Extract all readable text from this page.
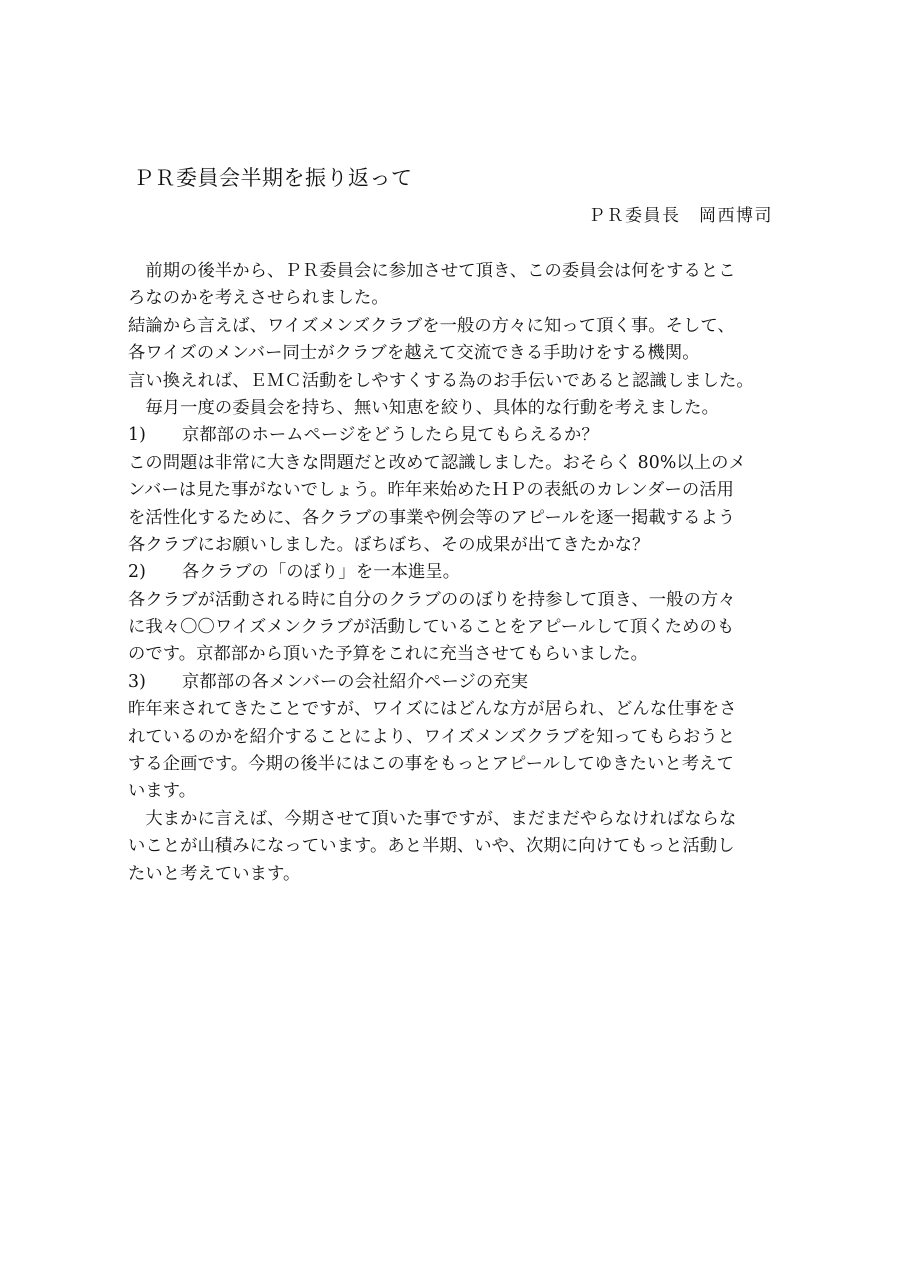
ＰＲ委員会半期を振り返って
ＰＲ委員長　岡西博司
　前期の後半から、ＰＲ委員会に参加させて頂き、この委員会は何をするとこ
ろなのかを考えさせられました。
結論から言えば、ワイズメンズクラブを一般の方々に知って頂く事。そして、
各ワイズのメンバー同士がクラブを越えて交流できる手助けをする機関。
言い換えれば、ＥＭＣ活動をしやすくする為のお手伝いであると認識しました。
　毎月一度の委員会を持ち、無い知恵を絞り、具体的な行動を考えました。
1) 京都部のホームページをどうしたら見てもらえるか？
この問題は非常に大きな問題だと改めて認識しました。おそらく 80%以上のメ
ンバーは見た事がないでしょう。昨年来始めたＨＰの表紙のカレンダーの活用
を活性化するために、各クラブの事業や例会等のアピールを逐一掲載するよう
各クラブにお願いしました。ぼちぼち、その成果が出てきたかな？
2) 各クラブの「のぼり」を一本進呈。
各クラブが活動される時に自分のクラブののぼりを持参して頂き、一般の方々
に我々〇〇ワイズメンクラブが活動していることをアピールして頂くためのも
のです。京都部から頂いた予算をこれに充当させてもらいました。
3) 京都部の各メンバーの会社紹介ページの充実
昨年来されてきたことですが、ワイズにはどんな方が居られ、どんな仕事をさ
れているのかを紹介することにより、ワイズメンズクラブを知ってもらおうと
する企画です。今期の後半にはこの事をもっとアピールしてゆきたいと考えて
います。
　大まかに言えば、今期させて頂いた事ですが、まだまだやらなければならな
いことが山積みになっています。あと半期、いや、次期に向けてもっと活動し
たいと考えています。
